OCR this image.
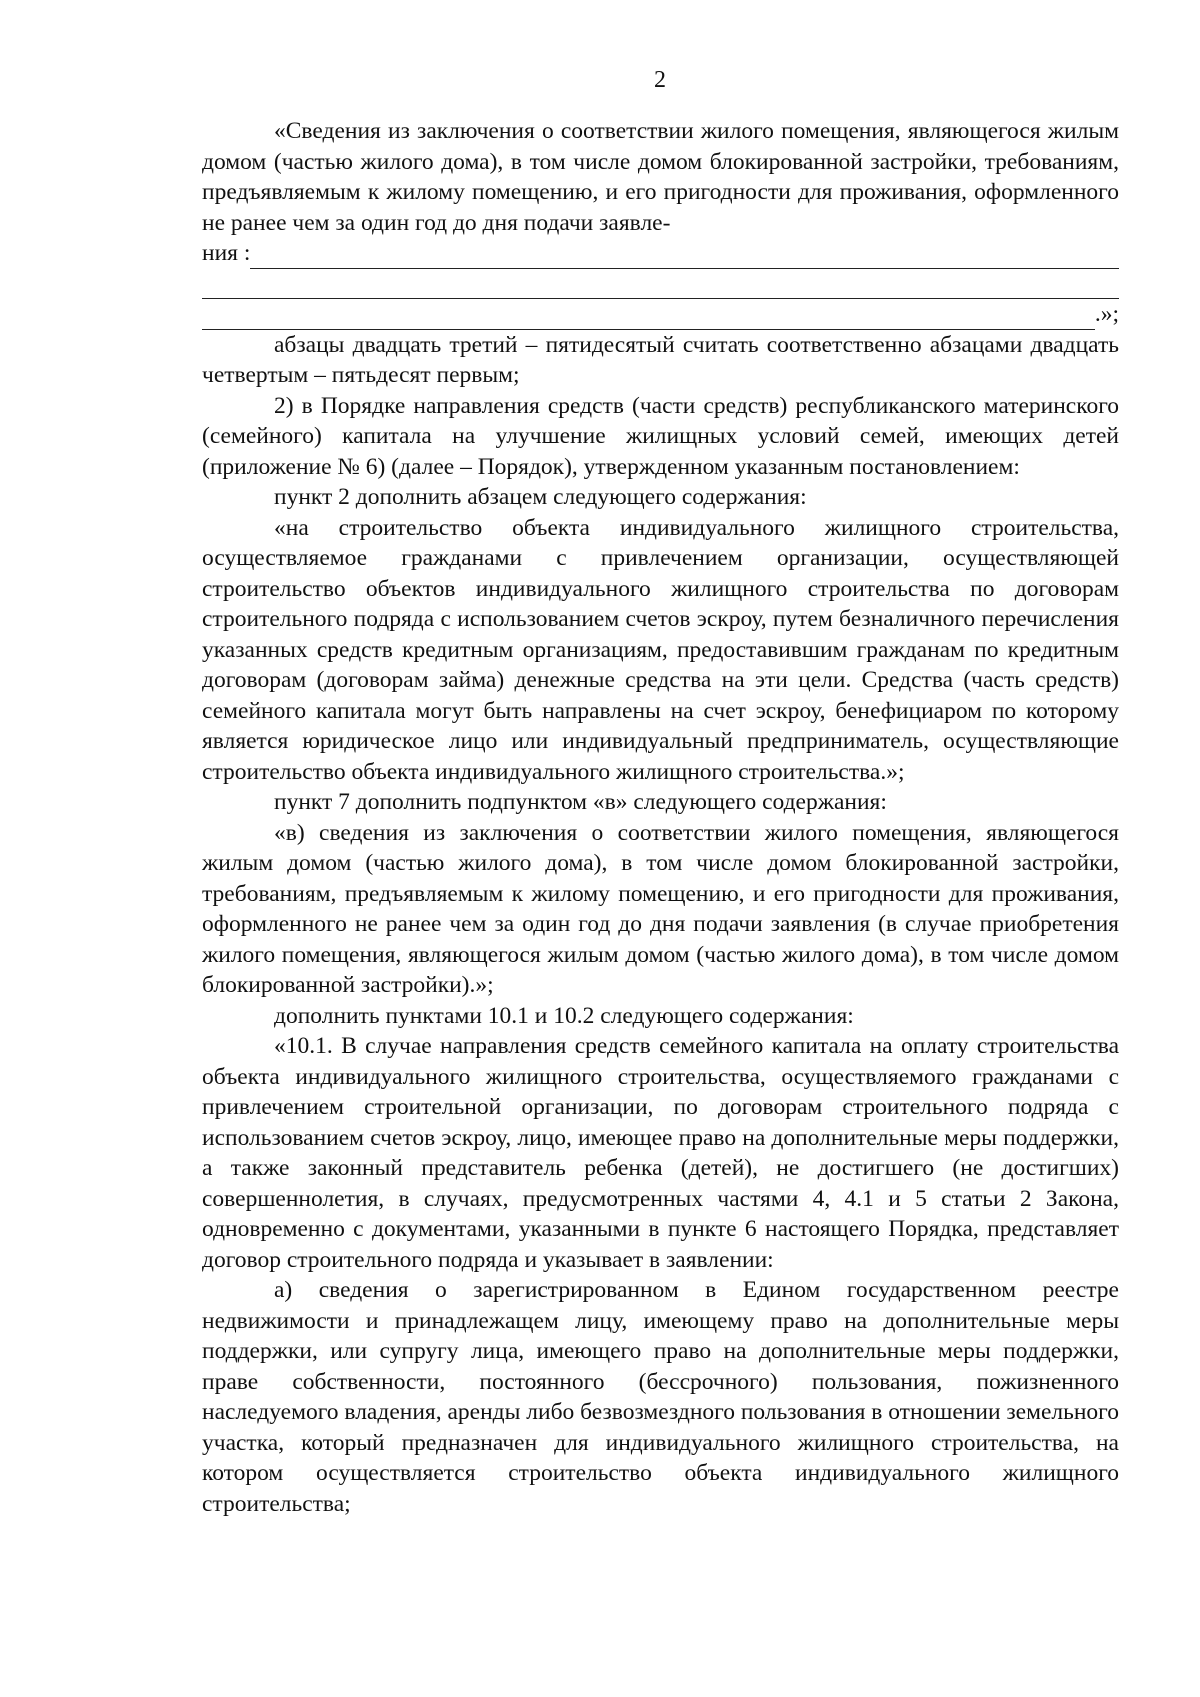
2

«Сведения из заключения о соответствии жилого помещения, являющегося жилым домом (частью жилого дома), в том числе домом блокированной застройки, требованиям, предъявляемым к жилому помещению, и его пригодности для проживания, оформленного не ранее чем за один год до дня подачи заявле-

ния :
.»;

абзацы двадцать третий – пятидесятый считать соответственно абзацами двадцать четвертым – пятьдесят первым;

2) в Порядке направления средств (части средств) республиканского материнского (семейного) капитала на улучшение жилищных условий семей, имеющих детей (приложение № 6) (далее – Порядок), утвержденном указанным постановлением:

пункт 2 дополнить абзацем следующего содержания:

«на строительство объекта индивидуального жилищного строительства, осуществляемое гражданами с привлечением организации, осуществляющей строительство объектов индивидуального жилищного строительства по договорам строительного подряда с использованием счетов эскроу, путем безналичного перечисления указанных средств кредитным организациям, предоставившим гражданам по кредитным договорам (договорам займа) денежные средства на эти цели. Средства (часть средств) семейного капитала могут быть направлены на счет эскроу, бенефициаром по которому является юридическое лицо или индивидуальный предприниматель, осуществляющие строительство объекта индивидуального жилищного строительства.»;

пункт 7 дополнить подпунктом «в» следующего содержания:

«в) сведения из заключения о соответствии жилого помещения, являющегося жилым домом (частью жилого дома), в том числе домом блокированной застройки, требованиям, предъявляемым к жилому помещению, и его пригодности для проживания, оформленного не ранее чем за один год до дня подачи заявления (в случае приобретения жилого помещения, являющегося жилым домом (частью жилого дома), в том числе домом блокированной застройки).»;

дополнить пунктами 10.1 и 10.2 следующего содержания:

«10.1. В случае направления средств семейного капитала на оплату строительства объекта индивидуального жилищного строительства, осуществляемого гражданами с привлечением строительной организации, по договорам строительного подряда с использованием счетов эскроу, лицо, имеющее право на дополнительные меры поддержки, а также законный представитель ребенка (детей), не достигшего (не достигших) совершеннолетия, в случаях, предусмотренных частями 4, 4.1 и 5 статьи 2 Закона, одновременно с документами, указанными в пункте 6 настоящего Порядка, представляет договор строительного подряда и указывает в заявлении:

а) сведения о зарегистрированном в Едином государственном реестре недвижимости и принадлежащем лицу, имеющему право на дополнительные меры поддержки, или супругу лица, имеющего право на дополнительные меры поддержки, праве собственности, постоянного (бессрочного) пользования, пожизненного наследуемого владения, аренды либо безвозмездного пользования в отношении земельного участка, который предназначен для индивидуального жилищного строительства, на котором осуществляется строительство объекта индивидуального жилищного строительства;
